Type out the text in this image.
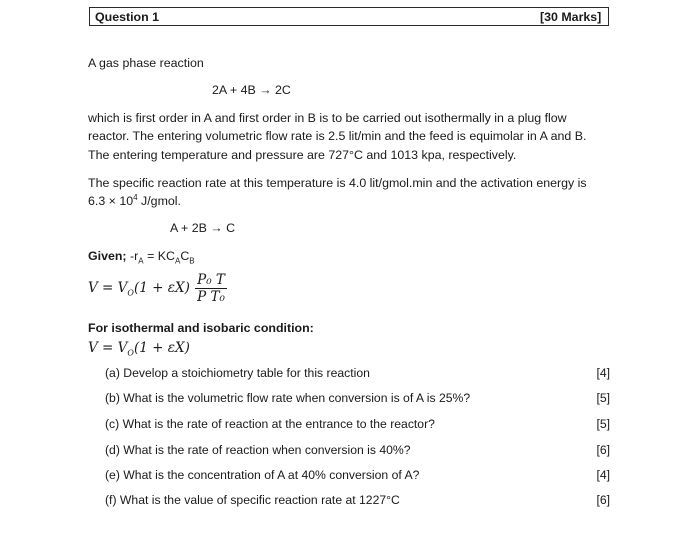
Question 1	[30 Marks]
A gas phase reaction
2A + 4B → 2C
which is first order in A and first order in B is to be carried out isothermally in a plug flow
reactor. The entering volumetric flow rate is 2.5 lit/min and the feed is equimolar in A and B.
The entering temperature and pressure are 727°C and 1013 kpa, respectively.
The specific reaction rate at this temperature is 4.0 lit/gmol.min and the activation energy is
$6.3 \times 10^4$ J/gmol.
A + 2B → C
Given; $-r_A = KC_AC_B$
$V = V_O(1 + \varepsilon X) \frac{\text{P₀ T}}{\text{P T₀}}$
For isothermal and isobaric condition:
$V = V_O(1 + \varepsilon X)$
(a) Develop a stoichiometry table for this reaction	[4]
(b) What is the volumetric flow rate when conversion is of A is 25%?	[5]
(c) What is the rate of reaction at the entrance to the reactor?	[5]
(d) What is the rate of reaction when conversion is 40%?	[6]
(e) What is the concentration of A at 40% conversion of A?	[4]
(f) What is the value of specific reaction rate at 1227°C	[6]
